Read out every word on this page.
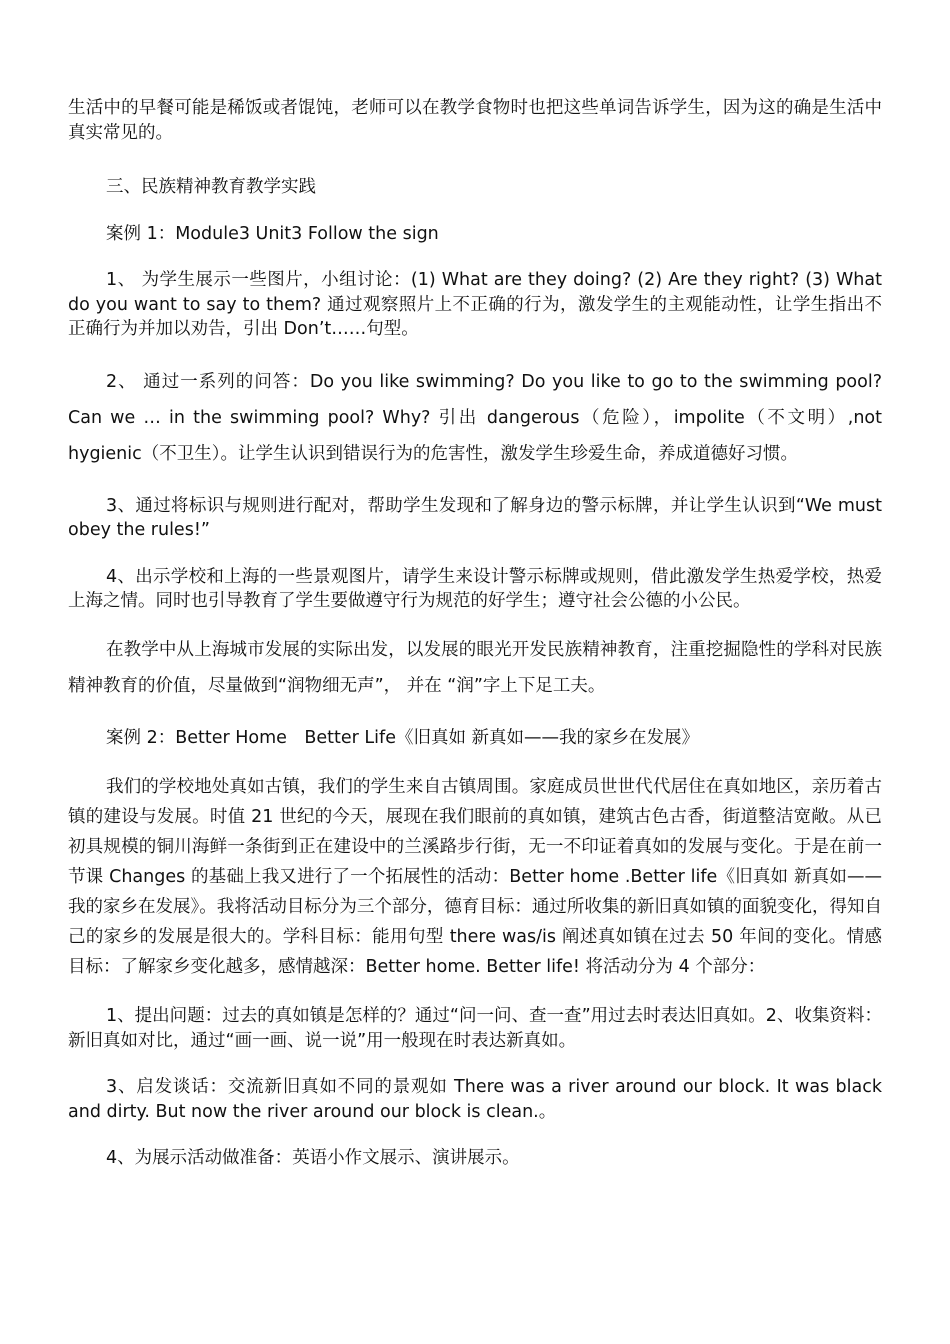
生活中的早餐可能是稀饭或者馄饨，老师可以在教学食物时也把这些单词告诉学生，因为这的确是生活中真实常见的。

三、民族精神教育教学实践

案例 1：Module3 Unit3 Follow the sign

1、 为学生展示一些图片，小组讨论：(1) What are they doing? (2) Are they right? (3) What do you want to say to them? 通过观察照片上不正确的行为，激发学生的主观能动性，让学生指出不正确行为并加以劝告，引出 Don’t……句型。

2、 通过一系列的问答：Do you like swimming? Do you like to go to the swimming pool? Can we … in the swimming pool? Why? 引出 dangerous（危险），impolite（不文明）,not hygienic（不卫生）。让学生认识到错误行为的危害性，激发学生珍爱生命，养成道德好习惯。

3、通过将标识与规则进行配对，帮助学生发现和了解身边的警示标牌，并让学生认识到“We must obey the rules!”

4、出示学校和上海的一些景观图片，请学生来设计警示标牌或规则，借此激发学生热爱学校，热爱上海之情。同时也引导教育了学生要做遵守行为规范的好学生；遵守社会公德的小公民。

在教学中从上海城市发展的实际出发，以发展的眼光开发民族精神教育，注重挖掘隐性的学科对民族精神教育的价值，尽量做到“润物细无声”， 并在 “润”字上下足工夫。

案例 2：Better Home　Better Life《旧真如 新真如——我的家乡在发展》

我们的学校地处真如古镇，我们的学生来自古镇周围。家庭成员世世代代居住在真如地区，亲历着古镇的建设与发展。时值 21 世纪的今天，展现在我们眼前的真如镇，建筑古色古香，街道整洁宽敞。从已初具规模的铜川海鲜一条街到正在建设中的兰溪路步行街，无一不印证着真如的发展与变化。于是在前一节课 Changes 的基础上我又进行了一个拓展性的活动：Better home .Better life《旧真如 新真如——我的家乡在发展》。我将活动目标分为三个部分，德育目标：通过所收集的新旧真如镇的面貌变化，得知自己的家乡的发展是很大的。学科目标：能用句型 there was/is 阐述真如镇在过去 50 年间的变化。情感目标：了解家乡变化越多，感情越深：Better home. Better life! 将活动分为 4 个部分：

1、提出问题：过去的真如镇是怎样的？通过“问一问、查一查”用过去时表达旧真如。2、收集资料：新旧真如对比，通过“画一画、说一说”用一般现在时表达新真如。

3、启发谈话：交流新旧真如不同的景观如 There was a river around our block. It was black and dirty. But now the river around our block is clean.。

4、为展示活动做准备：英语小作文展示、演讲展示。
